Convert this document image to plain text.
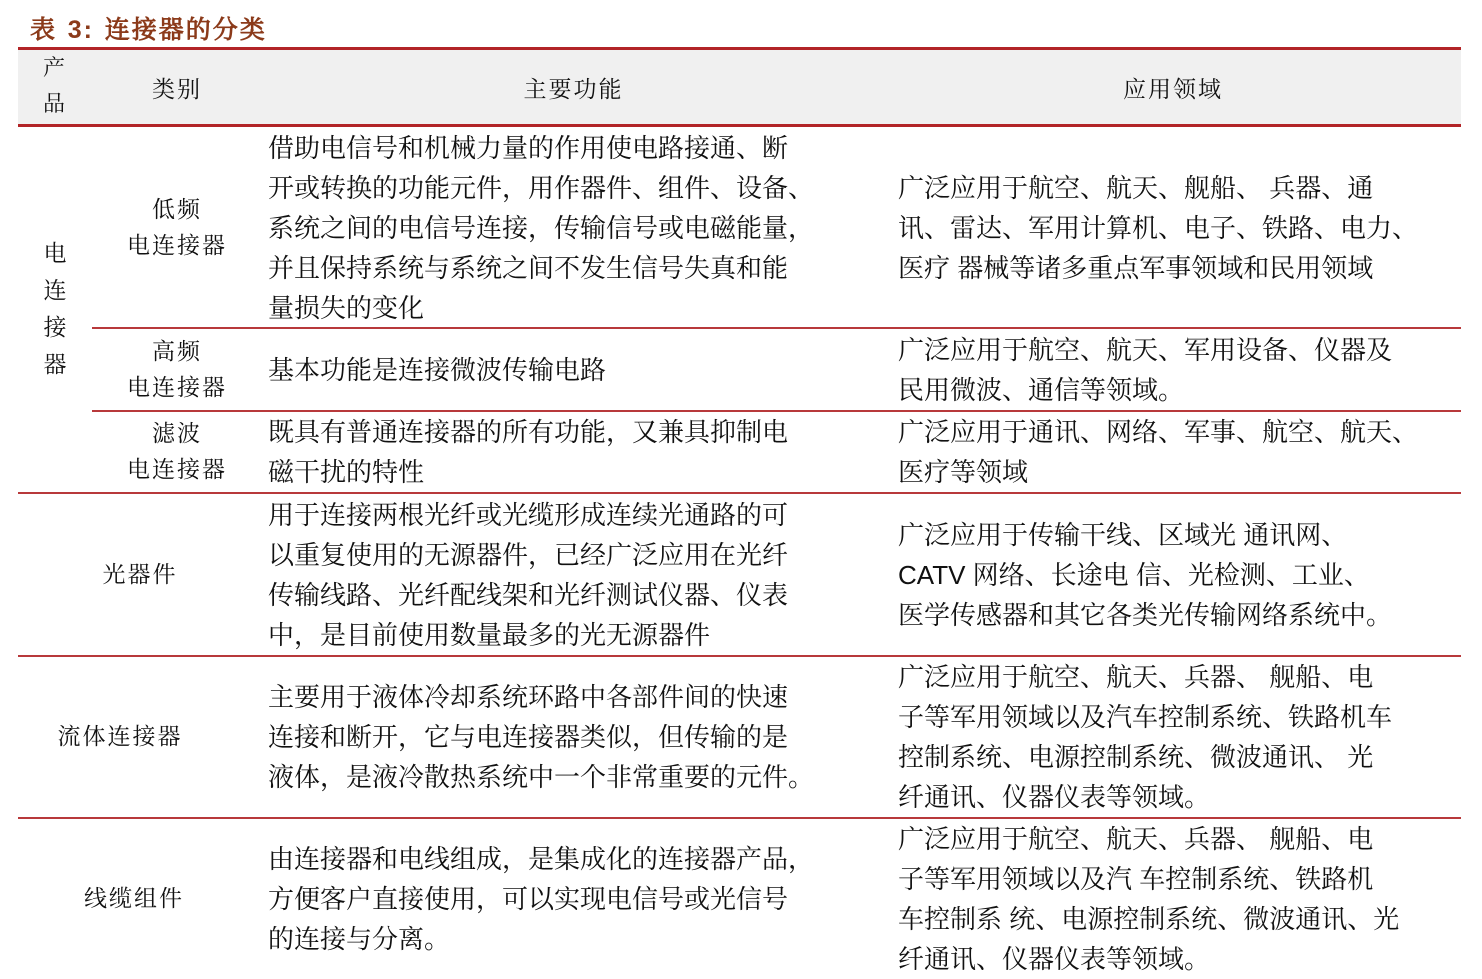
表 3: 连接器的分类
产
品
类别	主要功能	应用领域
电
连
接
器
低频
电连接器
借助电信号和机械力量的作用使电路接通、断
开或转换的功能元件，用作器件、组件、设备、
系统之间的电信号连接，传输信号或电磁能量，
并且保持系统与系统之间不发生信号失真和能
量损失的变化
广泛应用于航空、航天、舰船、 兵器、通
讯、雷达、军用计算机、电子、铁路、电力、
医疗 器械等诸多重点军事领域和民用领域
高频
电连接器
基本功能是连接微波传输电路
广泛应用于航空、航天、军用设备、仪器及
民用微波、通信等领域。
滤波
电连接器
既具有普通连接器的所有功能，又兼具抑制电
磁干扰的特性
广泛应用于通讯、网络、军事、航空、航天、
医疗等领域
光器件
用于连接两根光纤或光缆形成连续光通路的可
以重复使用的无源器件，已经广泛应用在光纤
传输线路、光纤配线架和光纤测试仪器、仪表
中，是目前使用数量最多的光无源器件
广泛应用于传输干线、区域光 通讯网、
CATV 网络、长途电 信、光检测、工业、
医学传感器和其它各类光传输网络系统中。
流体连接器
主要用于液体冷却系统环路中各部件间的快速
连接和断开，它与电连接器类似，但传输的是
液体，是液冷散热系统中一个非常重要的元件。
广泛应用于航空、航天、兵器、 舰船、电
子等军用领域以及汽车控制系统、铁路机车
控制系统、电源控制系统、微波通讯、 光
纤通讯、仪器仪表等领域。
线缆组件
由连接器和电线组成，是集成化的连接器产品，
方便客户直接使用，可以实现电信号或光信号
的连接与分离。
广泛应用于航空、航天、兵器、 舰船、电
子等军用领域以及汽 车控制系统、铁路机
车控制系 统、电源控制系统、微波通讯、光
纤通讯、仪器仪表等领域。
